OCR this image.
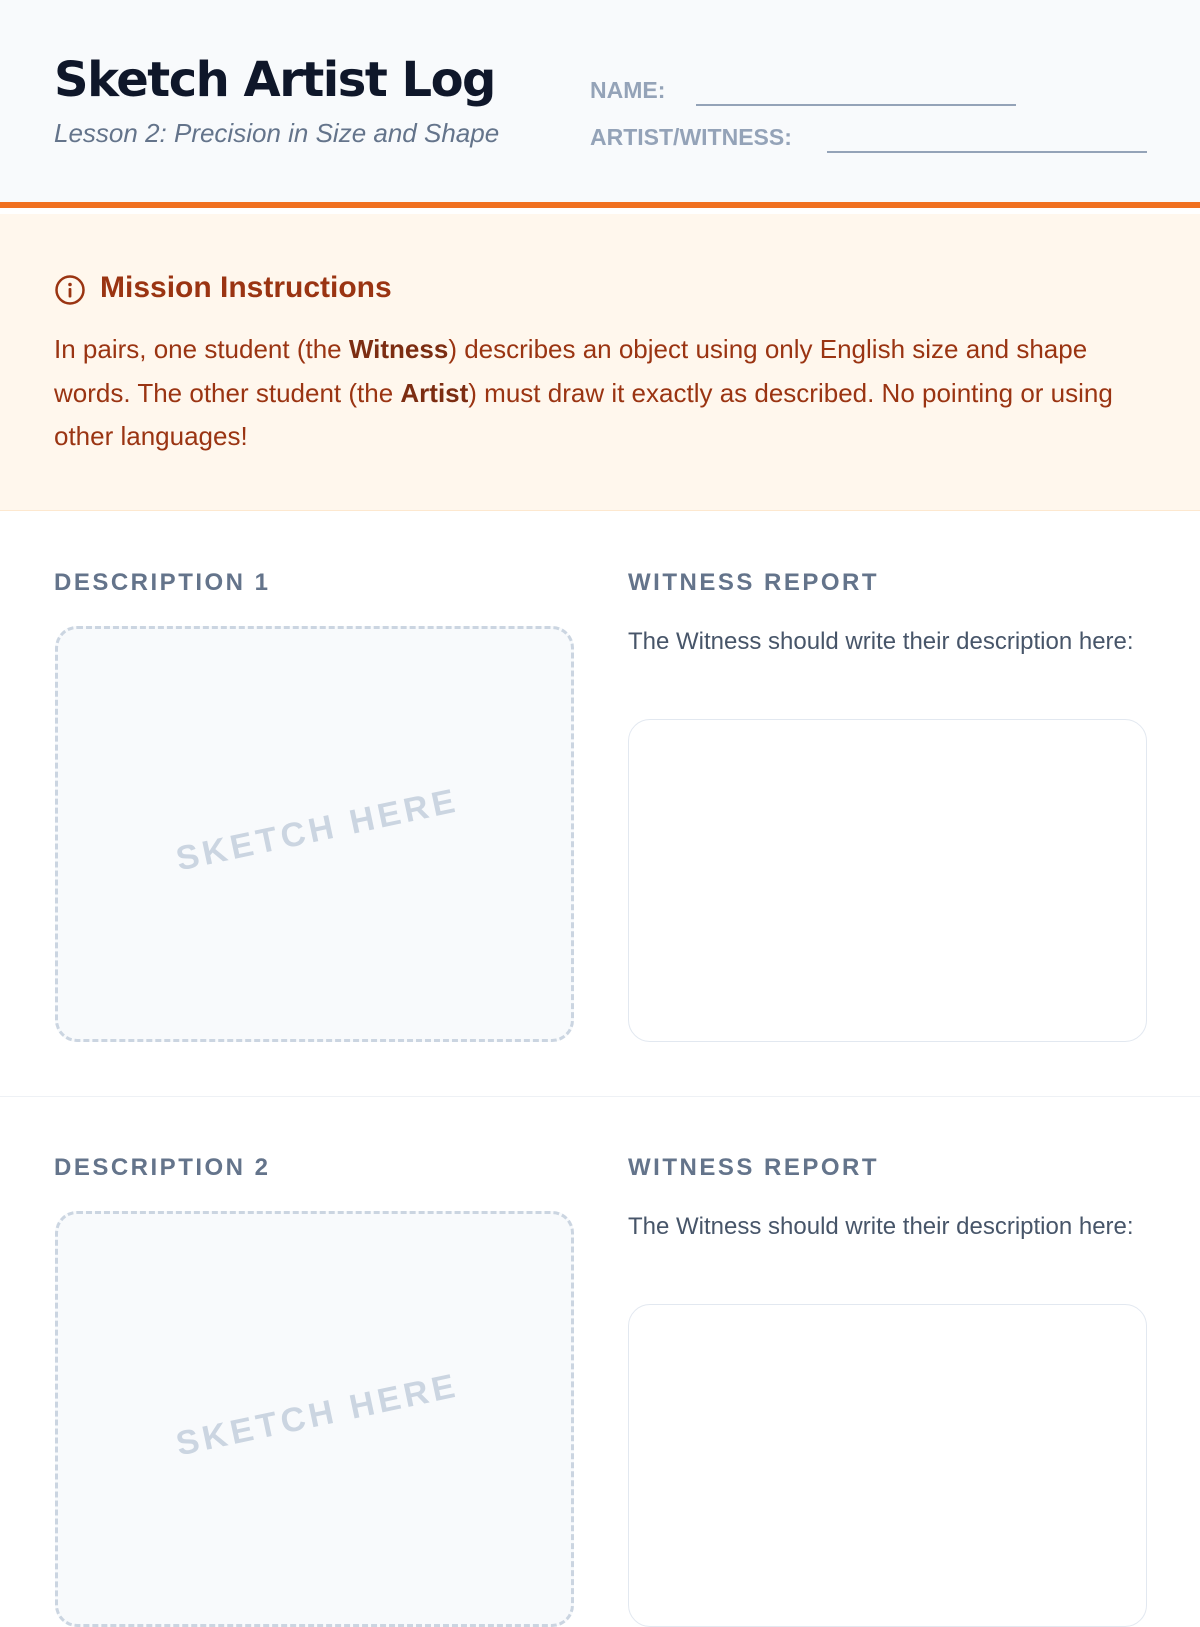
Sketch Artist Log
Lesson 2: Precision in Size and Shape
NAME:
ARTIST/WITNESS:
Mission Instructions
In pairs, one student (the Witness) describes an object using only English size and shape words. The other student (the Artist) must draw it exactly as described. No pointing or using other languages!
DESCRIPTION 1
SKETCH HERE
WITNESS REPORT
The Witness should write their description here:
DESCRIPTION 2
SKETCH HERE
WITNESS REPORT
The Witness should write their description here:
